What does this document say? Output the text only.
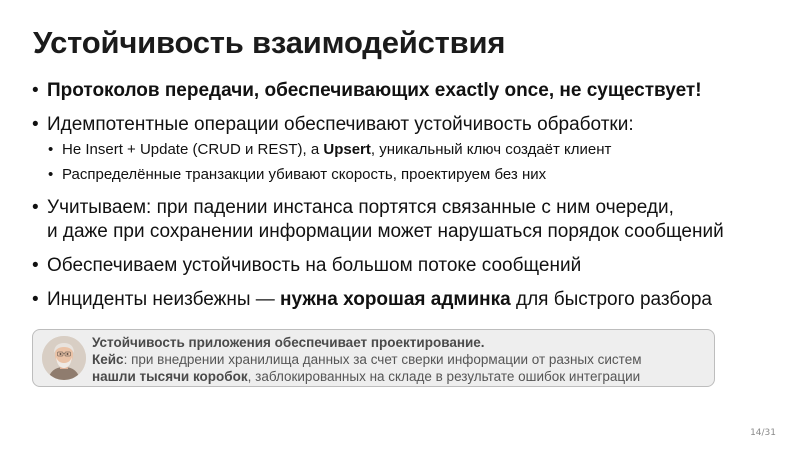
Устойчивость взаимодействия
• Протоколов передачи, обеспечивающих exactly once, не существует!
• Идемпотентные операции обеспечивают устойчивость обработки:
• Не Insert + Update (CRUD и REST), а Upsert, уникальный ключ создаёт клиент
• Распределённые транзакции убивают скорость, проектируем без них
• Учитываем: при падении инстанса портятся связанные с ним очереди,
и даже при сохранении информации может нарушаться порядок сообщений
• Обеспечиваем устойчивость на большом потоке сообщений
• Инциденты неизбежны — нужна хорошая админка для быстрого разбора
Устойчивость приложения обеспечивает проектирование.
Кейс: при внедрении хранилища данных за счет сверки информации от разных систем
нашли тысячи коробок, заблокированных на складе в результате ошибок интеграции
14/31
